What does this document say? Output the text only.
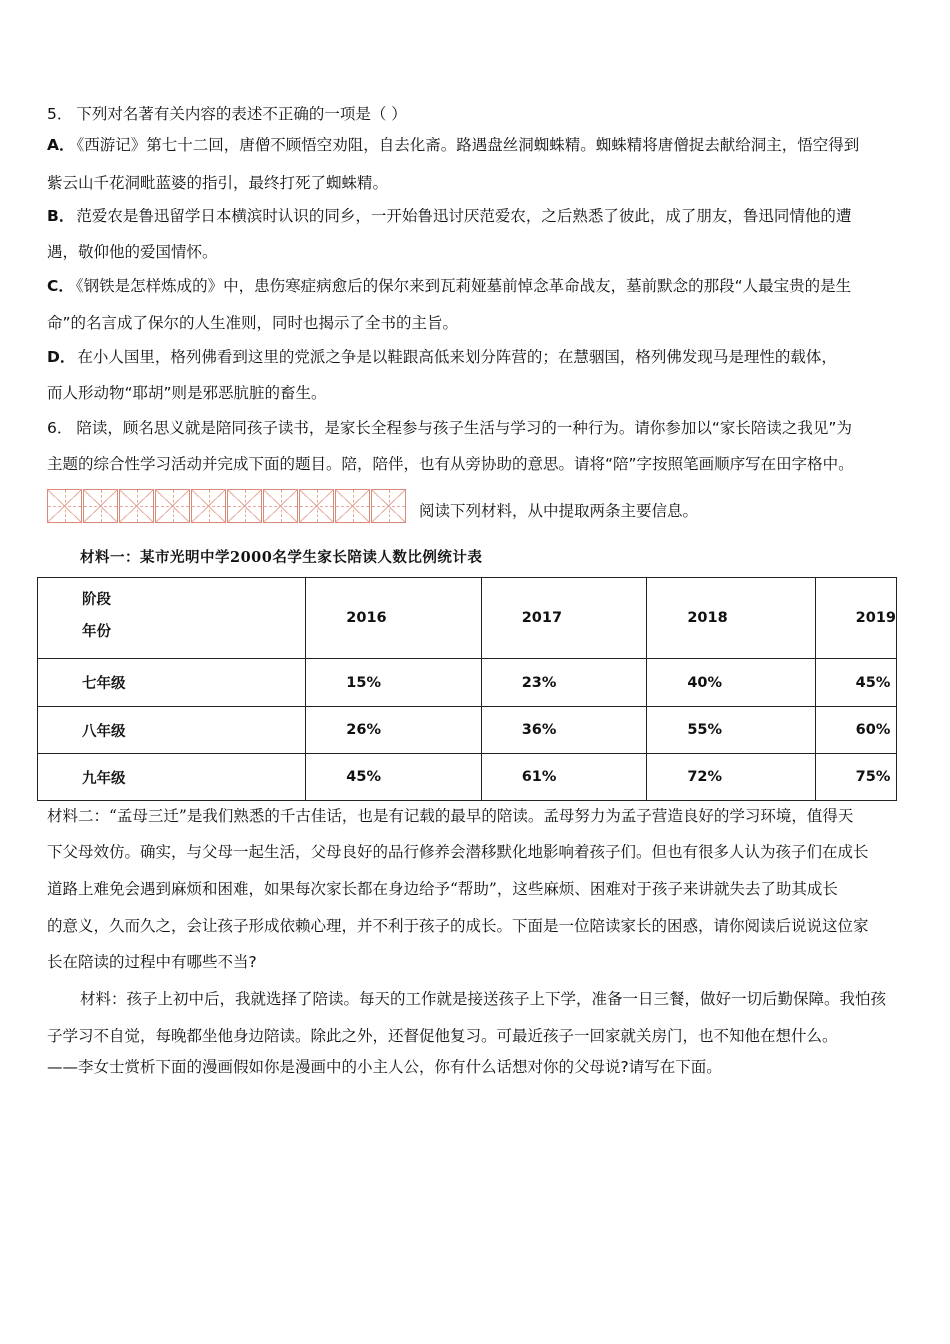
5． 下列对名著有关内容的表述不正确的一项是（ ）
A． 《西游记》第七十二回，唐僧不顾悟空劝阻，自去化斋。路遇盘丝洞蜘蛛精。蜘蛛精将唐僧捉去献给洞主，悟空得到
紫云山千花洞毗蓝婆的指引，最终打死了蜘蛛精。
B． 范爱农是鲁迅留学日本横滨时认识的同乡，一开始鲁迅讨厌范爱农，之后熟悉了彼此，成了朋友，鲁迅同情他的遭
遇，敬仰他的爱国情怀。
C． 《钢铁是怎样炼成的》中，患伤寒症病愈后的保尔来到瓦莉娅墓前悼念革命战友，墓前默念的那段“人最宝贵的是生
命”的名言成了保尔的人生准则，同时也揭示了全书的主旨。
D． 在小人国里，格列佛看到这里的党派之争是以鞋跟高低来划分阵营的；在慧骃国，格列佛发现马是理性的载体，
而人形动物“耶胡”则是邪恶肮脏的畜生。
6． 陪读，顾名思义就是陪同孩子读书，是家长全程参与孩子生活与学习的一种行为。请你参加以“家长陪读之我见”为
主题的综合性学习活动并完成下面的题目。陪，陪伴，也有从旁协助的意思。请将“陪”字按照笔画顺序写在田字格中。
阅读下列材料，从中提取两条主要信息。
材料一：某市光明中学2000名学生家长陪读人数比例统计表
阶段
年份	2016	2017	2018	2019
七年级	15%	23%	40%	45%
八年级	26%	36%	55%	60%
九年级	45%	61%	72%	75%
材料二：“孟母三迁”是我们熟悉的千古佳话，也是有记载的最早的陪读。孟母努力为孟子营造良好的学习环境，值得天
下父母效仿。确实，与父母一起生活，父母良好的品行修养会潜移默化地影响着孩子们。但也有很多人认为孩子们在成长
道路上难免会遇到麻烦和困难，如果每次家长都在身边给予“帮助”，这些麻烦、困难对于孩子来讲就失去了助其成长
的意义，久而久之，会让孩子形成依赖心理，并不利于孩子的成长。下面是一位陪读家长的困惑，请你阅读后说说这位家
长在陪读的过程中有哪些不当?
材料：孩子上初中后，我就选择了陪读。每天的工作就是接送孩子上下学，准备一日三餐，做好一切后勤保障。我怕孩
子学习不自觉，每晚都坐他身边陪读。除此之外，还督促他复习。可最近孩子一回家就关房门，也不知他在想什么。
——李女士赏析下面的漫画假如你是漫画中的小主人公，你有什么话想对你的父母说?请写在下面。
